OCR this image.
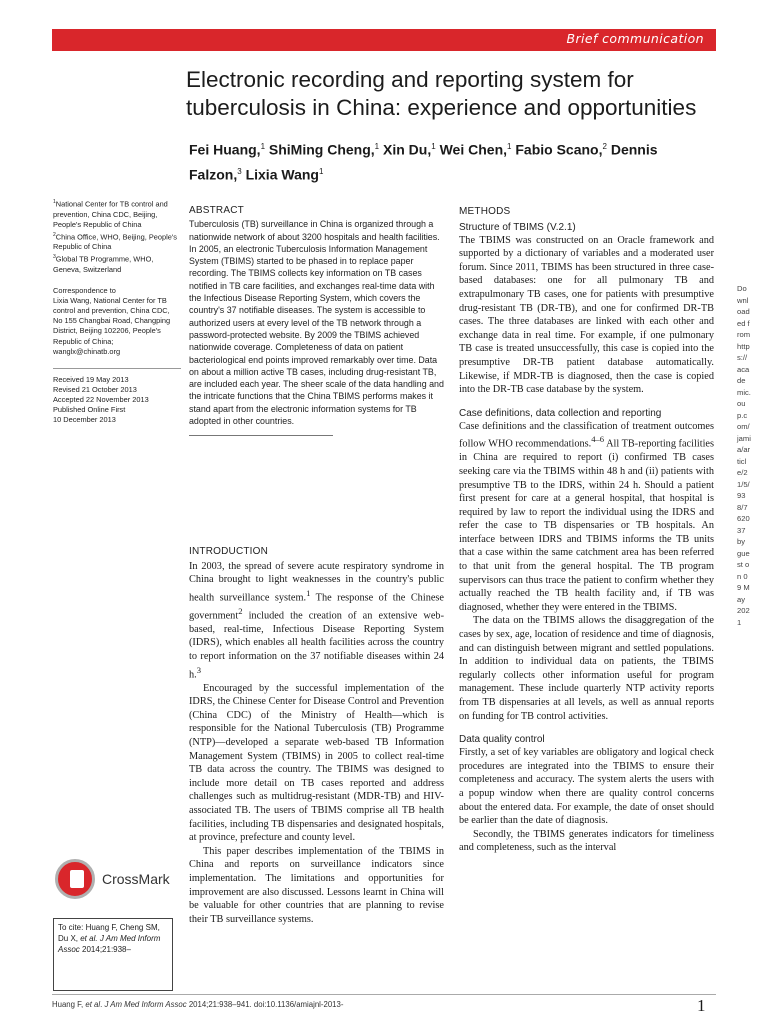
Brief communication
Electronic recording and reporting system for tuberculosis in China: experience and opportunities
Fei Huang,$^1$ ShiMing Cheng,$^1$ Xin Du,$^1$ Wei Chen,$^1$ Fabio Scano,$^2$ Dennis Falzon,$^3$ Lixia Wang$^1$
$^1$National Center for TB control and prevention, China CDC, Beijing, People's Republic of China
$^2$China Office, WHO, Beijing, People's Republic of China
$^3$Global TB Programme, WHO, Geneva, Switzerland

Correspondence to

Lixia Wang, National Center for TB control and prevention, China CDC, No 155 Changbai Road, Changping District, Beijing 102206, People's Republic of China; wanglx@chinatb.org

Received 19 May 2013

Revised 21 October 2013

Accepted 22 November 2013

Published Online First

10 December 2013

ABSTRACT

Tuberculosis (TB) surveillance in China is organized through a nationwide network of about 3200 hospitals and health facilities. In 2005, an electronic Tuberculosis Information Management System (TBIMS) started to be phased in to replace paper recording. The TBIMS collects key information on TB cases notified in TB care facilities, and exchanges real-time data with the Infectious Disease Reporting System, which covers the country's 37 notifiable diseases. The system is accessible to authorized users at every level of the TB network through a password-protected website. By 2009 the TBIMS achieved nationwide coverage. Completeness of data on patient bacteriological end points improved remarkably over time. Data on about a million active TB cases, including drug-resistant TB, are included each year. The sheer scale of the data handling and the intricate functions that the China TBIMS performs makes it stand apart from the electronic information systems for TB adopted in other countries.

INTRODUCTION

In 2003, the spread of severe acute respiratory syndrome in China brought to light weaknesses in the country's public health surveillance system.$^1$ The response of the Chinese government$^2$ included the creation of an extensive web-based, real-time, Infectious Disease Reporting System (IDRS), which enables all health facilities across the country to report information on the 37 notifiable diseases within 24 h.$^3$

Encouraged by the successful implementation of the IDRS, the Chinese Center for Disease Control and Prevention (China CDC) of the Ministry of Health—which is responsible for the National Tuberculosis (TB) Programme (NTP)—developed a separate web-based TB Information Management System (TBIMS) in 2005 to collect real-time TB data across the country. The TBIMS was designed to include more detail on TB cases reported and address challenges such as multidrug-resistant (MDR-TB) and HIV-associated TB. The users of TBIMS comprise all TB health facilities, including TB dispensaries and designated hospitals, at province, prefecture and county level.

This paper describes implementation of the TBIMS in China and reports on surveillance indicators since implementation. The limitations and opportunities for improvement are also discussed. Lessons learnt in China will be valuable for other countries that are planning to revise their TB surveillance systems.

METHODS
Structure of TBIMS (V.2.1)

The TBIMS was constructed on an Oracle framework and supported by a dictionary of variables and a moderated user forum. Since 2011, TBIMS has been structured in three case-based databases: one for all pulmonary TB and extrapulmonary TB cases, one for patients with presumptive drug-resistant TB (DR-TB), and one for confirmed DR-TB cases. The three databases are linked with each other and exchange data in real time. For example, if one pulmonary TB case is treated unsuccessfully, this case is copied into the presumptive DR-TB patient database automatically. Likewise, if MDR-TB is diagnosed, then the case is copied into the DR-TB case database by the system.

Case definitions, data collection and reporting

Case definitions and the classification of treatment outcomes follow WHO recommendations.$^{4-6}$ All TB-reporting facilities in China are required to report (i) confirmed TB cases seeking care via the TBIMS within 48 h and (ii) patients with presumptive TB to the IDRS, within 24 h. Should a patient first present for care at a general hospital, that hospital is required by law to report the individual using the IDRS and refer the case to TB dispensaries or TB hospitals. An interface between IDRS and TBIMS informs the TB units that a case within the same catchment area has been referred to that unit from the general hospital. The TB program supervisors can thus trace the patient to confirm whether they actually reached the TB health facility and, if TB was diagnosed, whether they were entered in the TBIMS.

The data on the TBIMS allows the disaggregation of the cases by sex, age, location of residence and time of diagnosis, and can distinguish between migrant and settled populations. In addition to individual data on patients, the TBIMS regularly collects other information useful for program management. These include quarterly NTP activity reports from TB dispensaries at all levels, as well as annual reports on funding for TB control activities.

Data quality control

Firstly, a set of key variables are obligatory and logical check procedures are integrated into the TBIMS to ensure their completeness and accuracy. The system alerts the users with a popup window when there are quality control concerns about the entered data. For example, the date of onset should be earlier than the date of diagnosis.

Secondly, the TBIMS generates indicators for timeliness and completeness, such as the interval

CrossMark
To cite: Huang F, Cheng SM, Du X, et al. J Am Med Inform Assoc 2014;21:938–
Huang F, et al. J Am Med Inform Assoc 2014;21:938–941. doi:10.1136/amiajnl-2013-	1
Downloaded from https://academic.oup.com/jamia/article/21/5/938/762037 by guest on 09 May 2021
